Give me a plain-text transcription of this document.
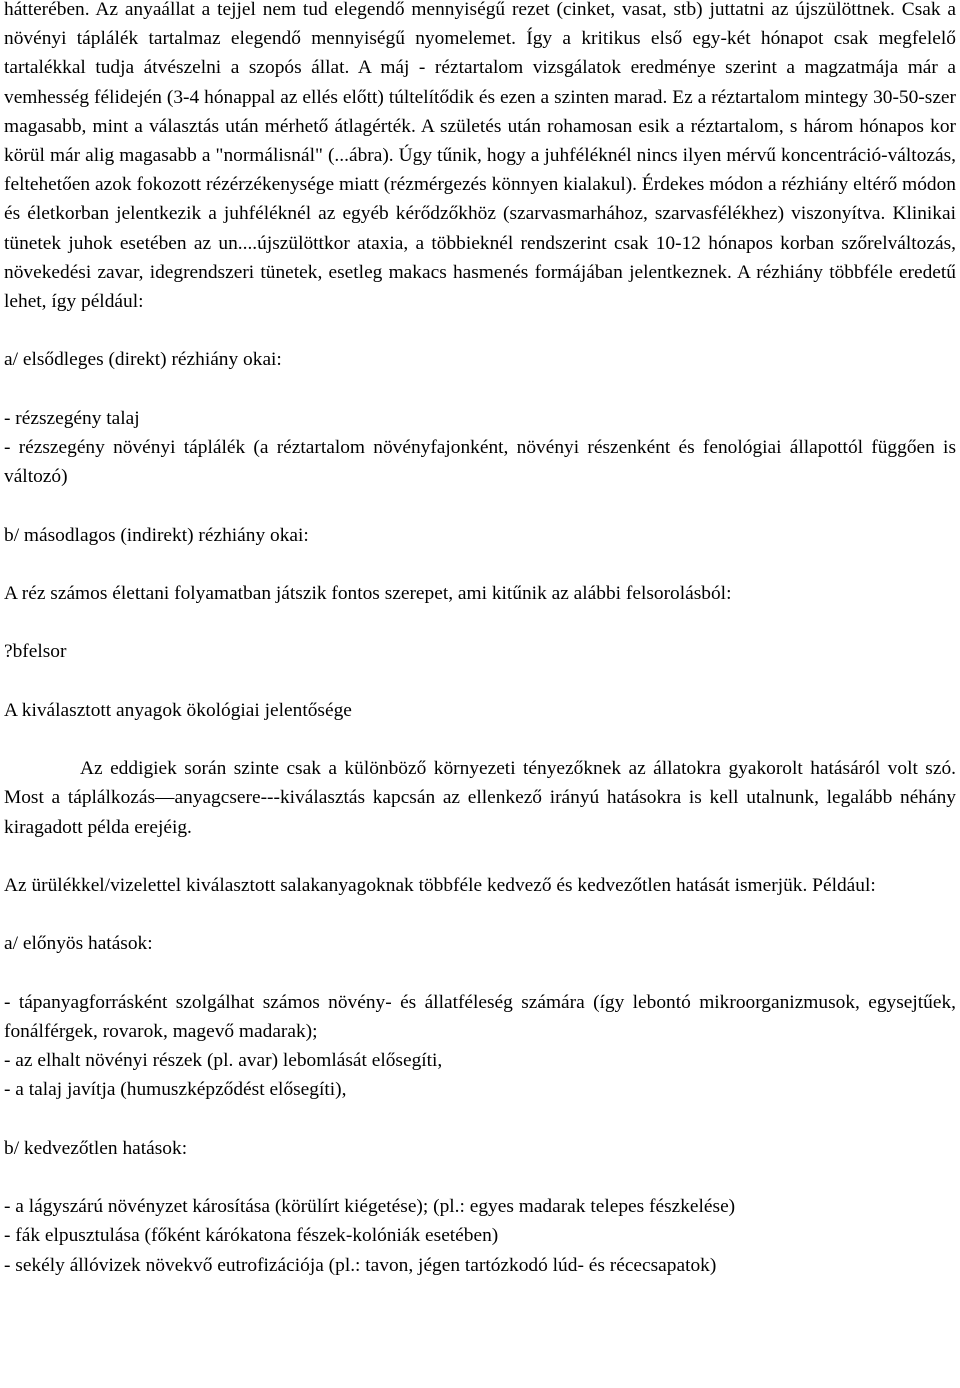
hátterében. Az anyaállat a tejjel nem tud elegendő mennyiségű rezet (cinket, vasat, stb) juttatni az újszülöttnek. Csak a növényi táplálék tartalmaz elegendő mennyiségű nyomelemet. Így a kritikus első egy-két hónapot csak megfelelő tartalékkal tudja átvészelni a szopós állat. A máj - réztartalom vizsgálatok eredménye szerint a magzatmája már a vemhesség félidején (3-4 hónappal az ellés előtt) túltelítődik és ezen a szinten marad. Ez a réztartalom mintegy 30-50-szer magasabb, mint a választás után mérhető átlagérték. A születés után rohamosan esik a réztartalom, s három hónapos kor körül már alig magasabb a "normálisnál" (...ábra). Úgy tűnik, hogy a juhféléknél nincs ilyen mérvű koncentráció-változás, feltehetően azok fokozott rézérzékenysége miatt (rézmérgezés könnyen kialakul). Érdekes módon a rézhiány eltérő módon és életkorban jelentkezik a juhféléknél az egyéb kérődzőkhöz (szarvasmarhához, szarvasfélékhez) viszonyítva. Klinikai tünetek juhok esetében az un....újszülöttkor ataxia, a többieknél rendszerint csak 10-12 hónapos korban szőrelváltozás, növekedési zavar, idegrendszeri tünetek, esetleg makacs hasmenés formájában jelentkeznek. A rézhiány többféle eredetű lehet, így például:

a/ elsődleges (direkt) rézhiány okai:

- rézszegény talaj

- rézszegény növényi táplálék (a réztartalom növényfajonként, növényi részenként és fenológiai állapottól függően is változó)

b/ másodlagos (indirekt) rézhiány okai:

A réz számos élettani folyamatban játszik fontos szerepet, ami kitűnik az alábbi felsorolásból:

?bfelsor

A kiválasztott anyagok ökológiai jelentősége

Az eddigiek során szinte csak a különböző környezeti tényezőknek az állatokra gyakorolt hatásáról volt szó. Most a táplálkozás—anyagcsere---kiválasztás kapcsán az ellenkező irányú hatásokra is kell utalnunk, legalább néhány kiragadott példa erejéig.

Az ürülékkel/vizelettel kiválasztott salakanyagoknak többféle kedvező és kedvezőtlen hatását ismerjük. Például:

a/ előnyös hatások:

- tápanyagforrásként szolgálhat számos növény- és állatféleség számára (így lebontó mikroorganizmusok, egysejtűek, fonálférgek, rovarok, magevő madarak);

- az elhalt növényi részek (pl. avar) lebomlását elősegíti,

- a talaj javítja (humuszképződést elősegíti),

b/ kedvezőtlen hatások:

- a lágyszárú növényzet károsítása (körülírt kiégetése); (pl.: egyes madarak telepes fészkelése)

- fák elpusztulása (főként kárókatona fészek-kolóniák esetében)

- sekély állóvizek növekvő eutrofizációja (pl.: tavon, jégen tartózkodó lúd- és récecsapatok)
